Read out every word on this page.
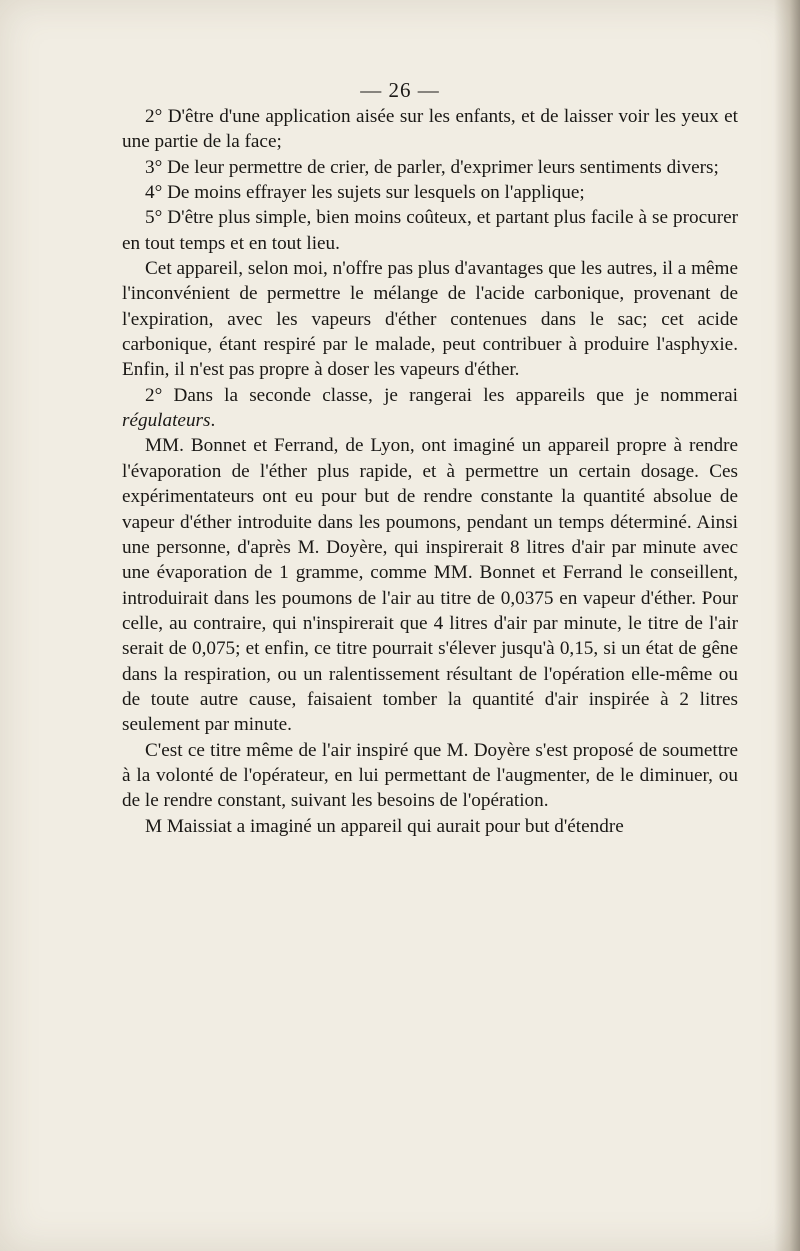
— 26 —

2° D'être d'une application aisée sur les enfants, et de laisser voir les yeux et une partie de la face;

3° De leur permettre de crier, de parler, d'exprimer leurs sentiments divers;

4° De moins effrayer les sujets sur lesquels on l'applique;

5° D'être plus simple, bien moins coûteux, et partant plus facile à se procurer en tout temps et en tout lieu.

Cet appareil, selon moi, n'offre pas plus d'avantages que les autres, il a même l'inconvénient de permettre le mélange de l'acide carbonique, provenant de l'expiration, avec les vapeurs d'éther contenues dans le sac; cet acide carbonique, étant respiré par le malade, peut contribuer à produire l'asphyxie. Enfin, il n'est pas propre à doser les vapeurs d'éther.

2° Dans la seconde classe, je rangerai les appareils que je nommerai régulateurs.

MM. Bonnet et Ferrand, de Lyon, ont imaginé un appareil propre à rendre l'évaporation de l'éther plus rapide, et à permettre un certain dosage. Ces expérimentateurs ont eu pour but de rendre constante la quantité absolue de vapeur d'éther introduite dans les poumons, pendant un temps déterminé. Ainsi une personne, d'après M. Doyère, qui inspirerait 8 litres d'air par minute avec une évaporation de 1 gramme, comme MM. Bonnet et Ferrand le conseillent, introduirait dans les poumons de l'air au titre de 0,0375 en vapeur d'éther. Pour celle, au contraire, qui n'inspirerait que 4 litres d'air par minute, le titre de l'air serait de 0,075; et enfin, ce titre pourrait s'élever jusqu'à 0,15, si un état de gêne dans la respiration, ou un ralentissement résultant de l'opération elle-même ou de toute autre cause, faisaient tomber la quantité d'air inspirée à 2 litres seulement par minute.

C'est ce titre même de l'air inspiré que M. Doyère s'est proposé de soumettre à la volonté de l'opérateur, en lui permettant de l'augmenter, de le diminuer, ou de le rendre constant, suivant les besoins de l'opération.

M Maissiat a imaginé un appareil qui aurait pour but d'étendre
